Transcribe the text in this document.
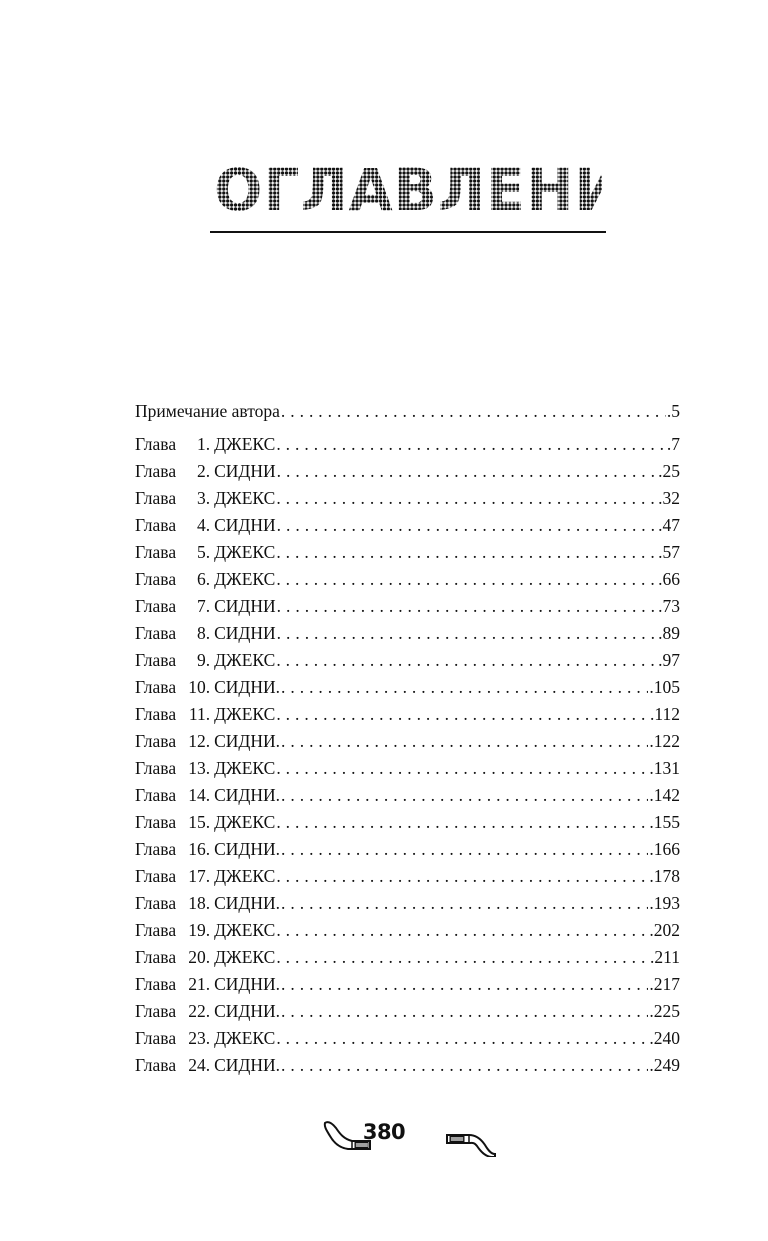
ОГЛАВЛЕНИЕ
Примечание автора . . .	.5
Глава 1. ДЖЕКС . . .	.7
Глава 2. СИДНИ . . .	.25
Глава 3. ДЖЕКС . . .	.32
Глава 4. СИДНИ . . .	.47
Глава 5. ДЖЕКС . . .	.57
Глава 6. ДЖЕКС . . .	.66
Глава 7. СИДНИ . . .	.73
Глава 8. СИДНИ . . .	.89
Глава 9. ДЖЕКС . . .	.97
Глава 10. СИДНИ. . . .	.105
Глава 11. ДЖЕКС . . .	.112
Глава 12. СИДНИ. . . .	.122
Глава 13. ДЖЕКС . . .	.131
Глава 14. СИДНИ. . . .	.142
Глава 15. ДЖЕКС . . .	.155
Глава 16. СИДНИ. . . .	.166
Глава 17. ДЖЕКС . . .	.178
Глава 18. СИДНИ. . . .	.193
Глава 19. ДЖЕКС . . .	.202
Глава 20. ДЖЕКС . . .	.211
Глава 21. СИДНИ. . . .	.217
Глава 22. СИДНИ. . . .	.225
Глава 23. ДЖЕКС . . .	.240
Глава 24. СИДНИ. . . .	.249
380
